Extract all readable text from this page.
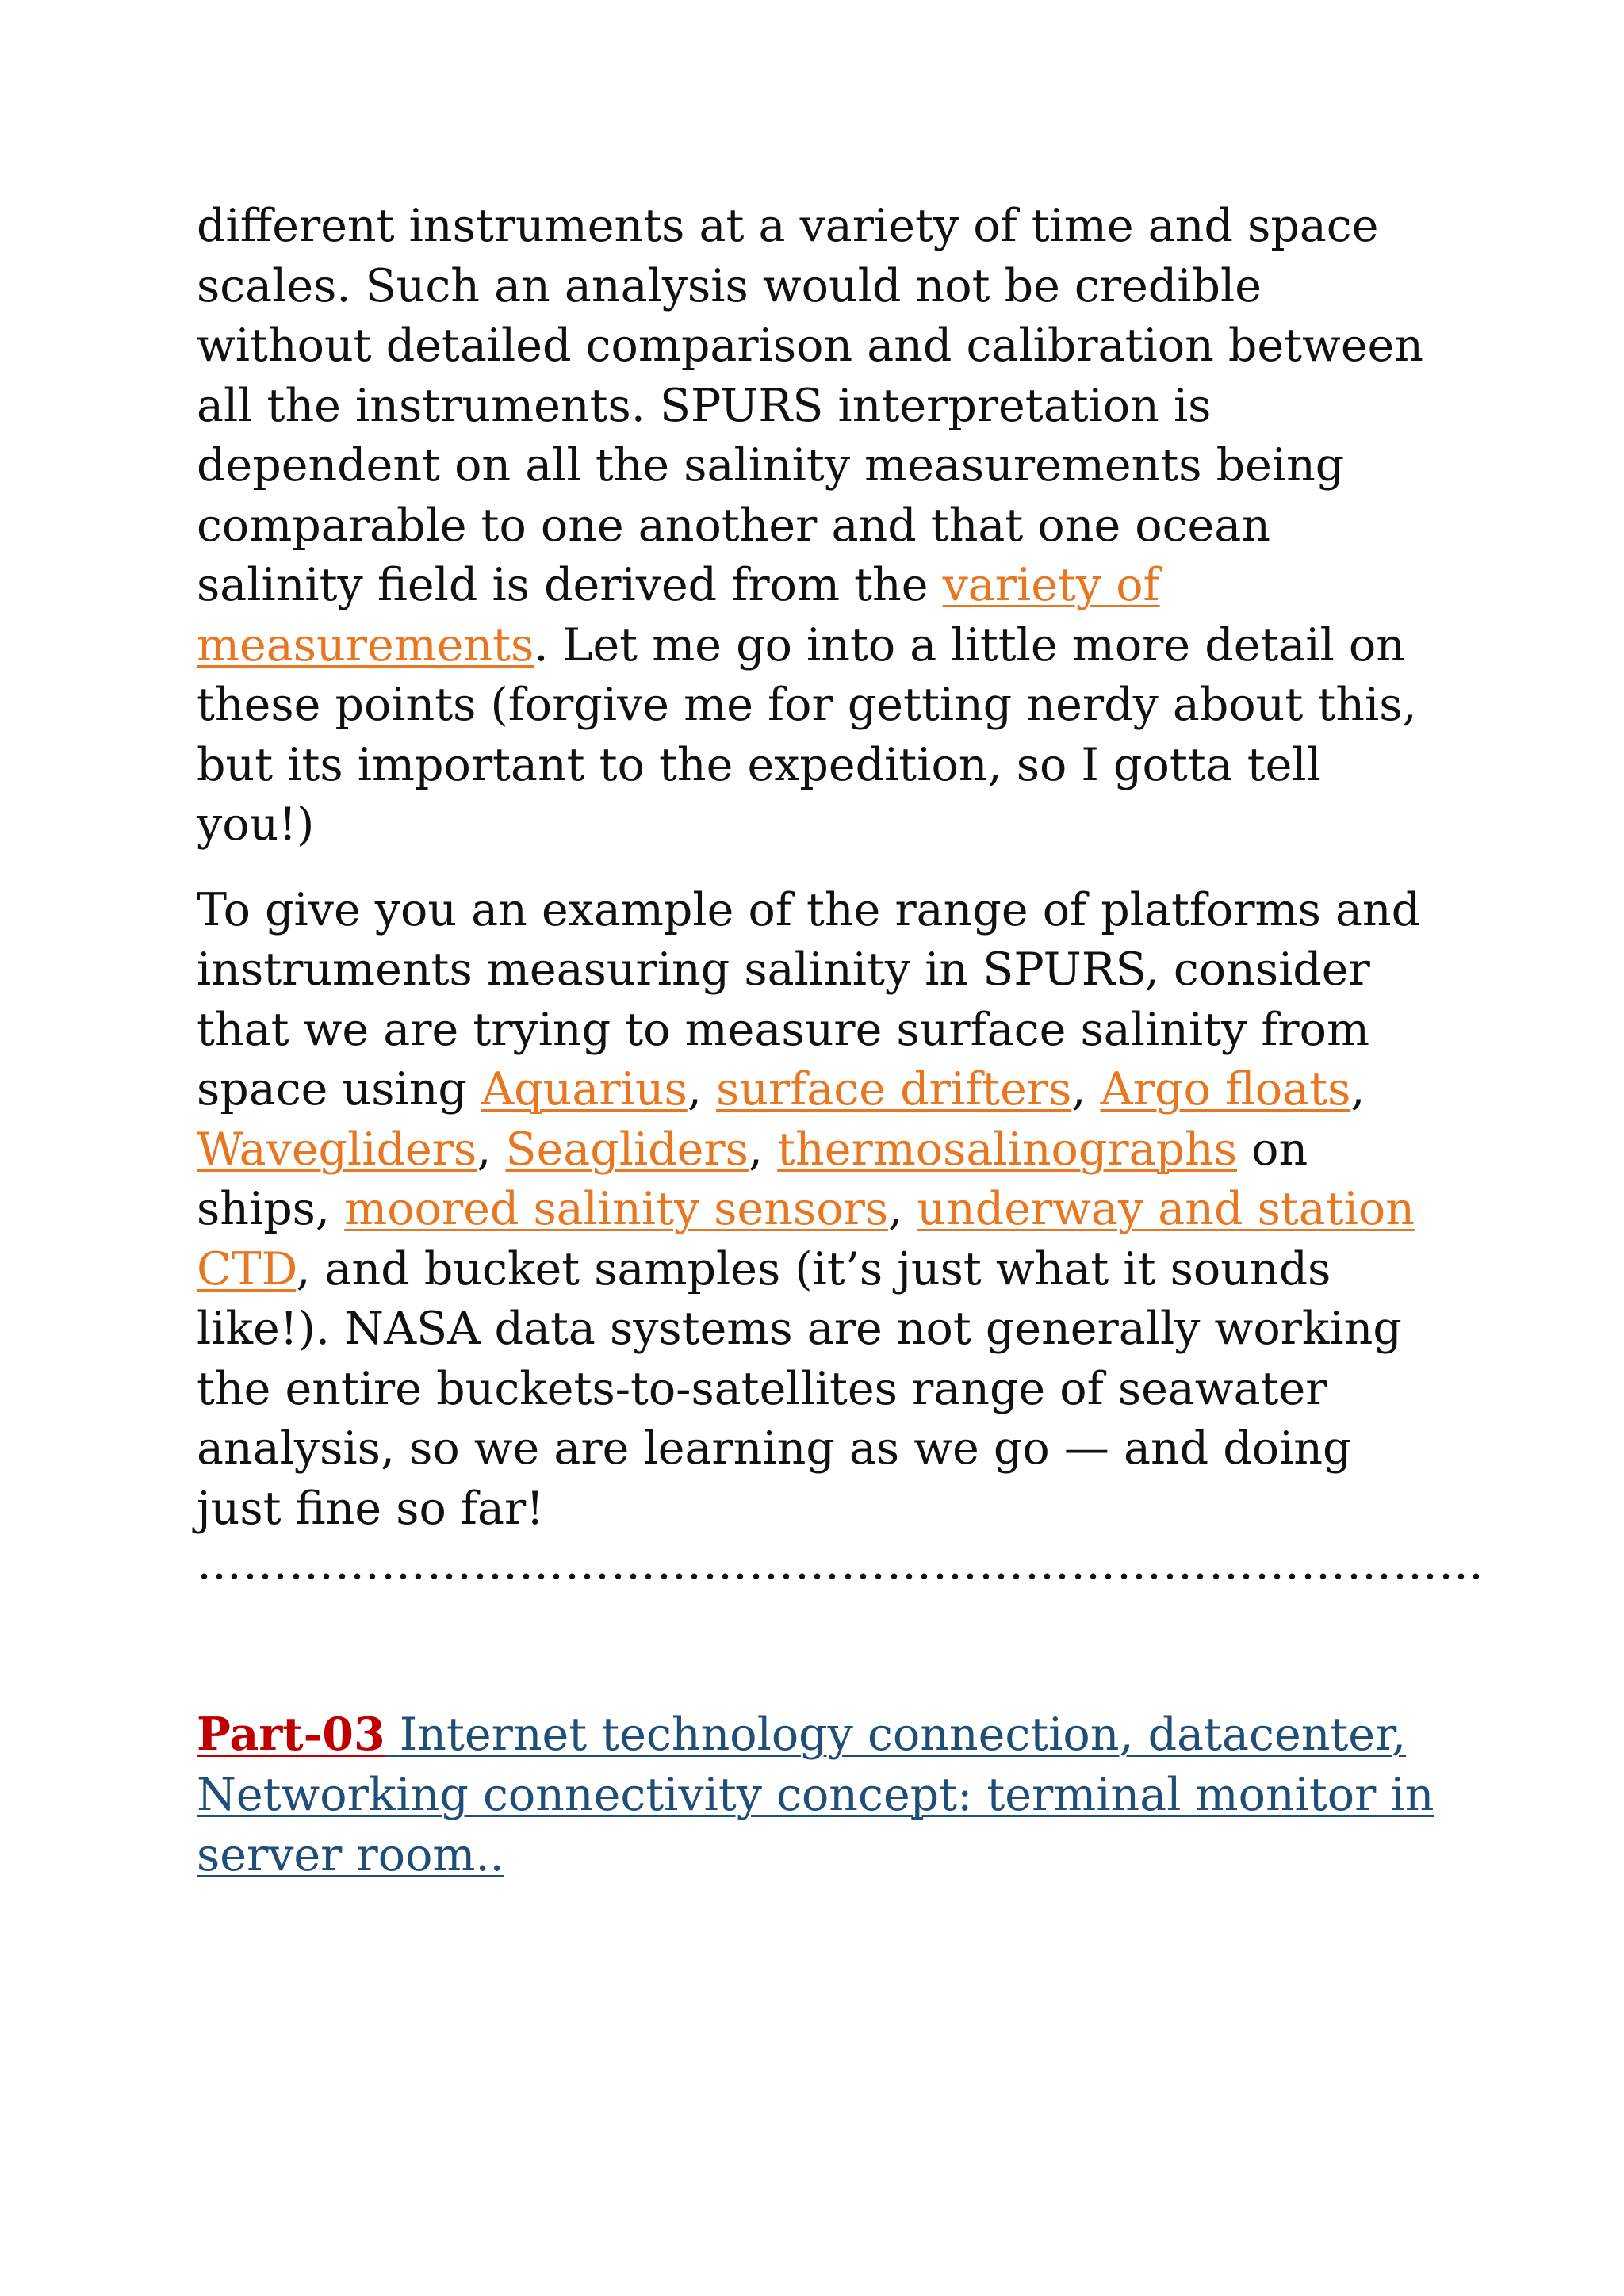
different instruments at a variety of time and space scales. Such an analysis would not be credible without detailed comparison and calibration between all the instruments. SPURS interpretation is dependent on all the salinity measurements being comparable to one another and that one ocean salinity field is derived from the variety of measurements. Let me go into a little more detail on these points (forgive me for getting nerdy about this, but its important to the expedition, so I gotta tell you!)

To give you an example of the range of platforms and instruments measuring salinity in SPURS, consider that we are trying to measure surface salinity from space using Aquarius, surface drifters, Argo floats, Wavegliders, Seagliders, thermosalinographs on ships, moored salinity sensors, underway and station CTD, and bucket samples (it’s just what it sounds like!). NASA data systems are not generally working the entire buckets-to-satellites range of seawater analysis, so we are learning as we go — and doing just fine so far!

…………………………………………………………………………

Part-03 Internet technology connection, datacenter, Networking connectivity concept: terminal monitor in server room..
